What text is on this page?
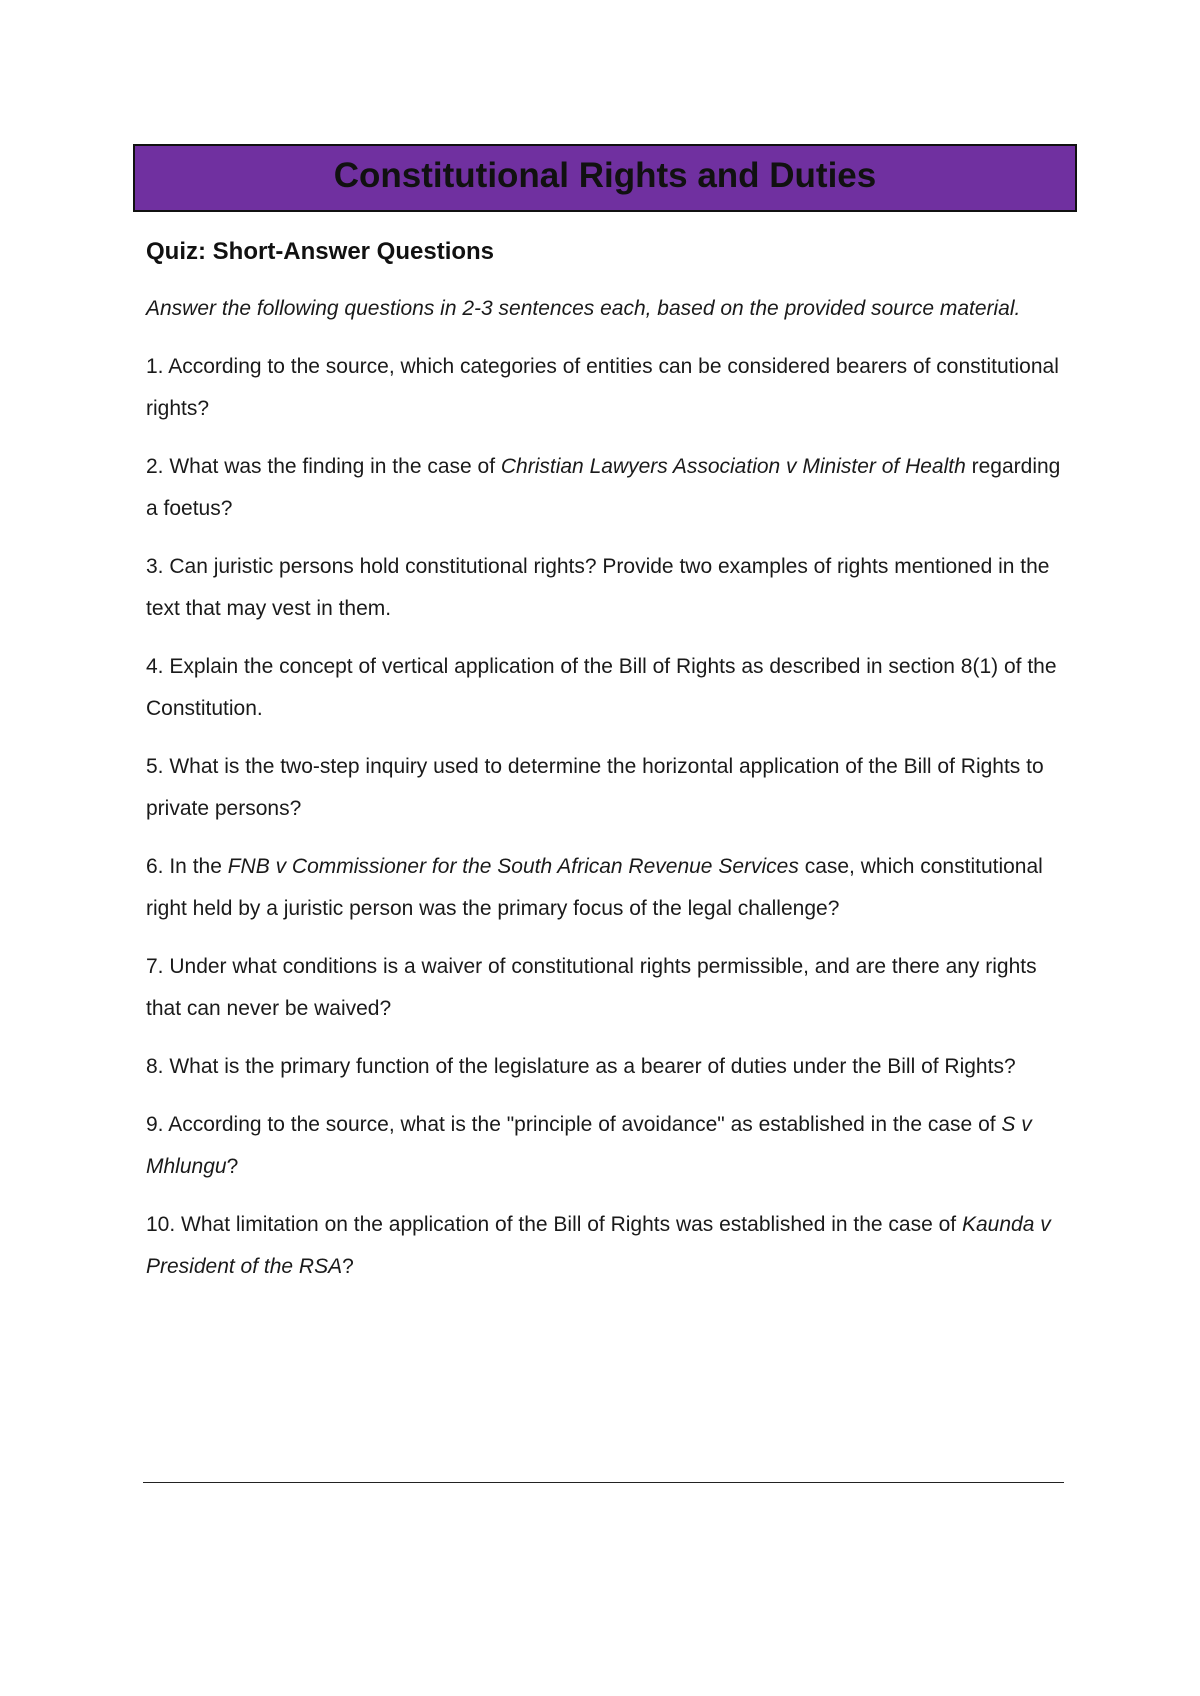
Constitutional Rights and Duties
Quiz: Short-Answer Questions
Answer the following questions in 2-3 sentences each, based on the provided source material.
1. According to the source, which categories of entities can be considered bearers of constitutional rights?
2. What was the finding in the case of Christian Lawyers Association v Minister of Health regarding a foetus?
3. Can juristic persons hold constitutional rights? Provide two examples of rights mentioned in the text that may vest in them.
4. Explain the concept of vertical application of the Bill of Rights as described in section 8(1) of the Constitution.
5. What is the two-step inquiry used to determine the horizontal application of the Bill of Rights to private persons?
6. In the FNB v Commissioner for the South African Revenue Services case, which constitutional right held by a juristic person was the primary focus of the legal challenge?
7. Under what conditions is a waiver of constitutional rights permissible, and are there any rights that can never be waived?
8. What is the primary function of the legislature as a bearer of duties under the Bill of Rights?
9. According to the source, what is the "principle of avoidance" as established in the case of S v Mhlungu?
10. What limitation on the application of the Bill of Rights was established in the case of Kaunda v President of the RSA?
